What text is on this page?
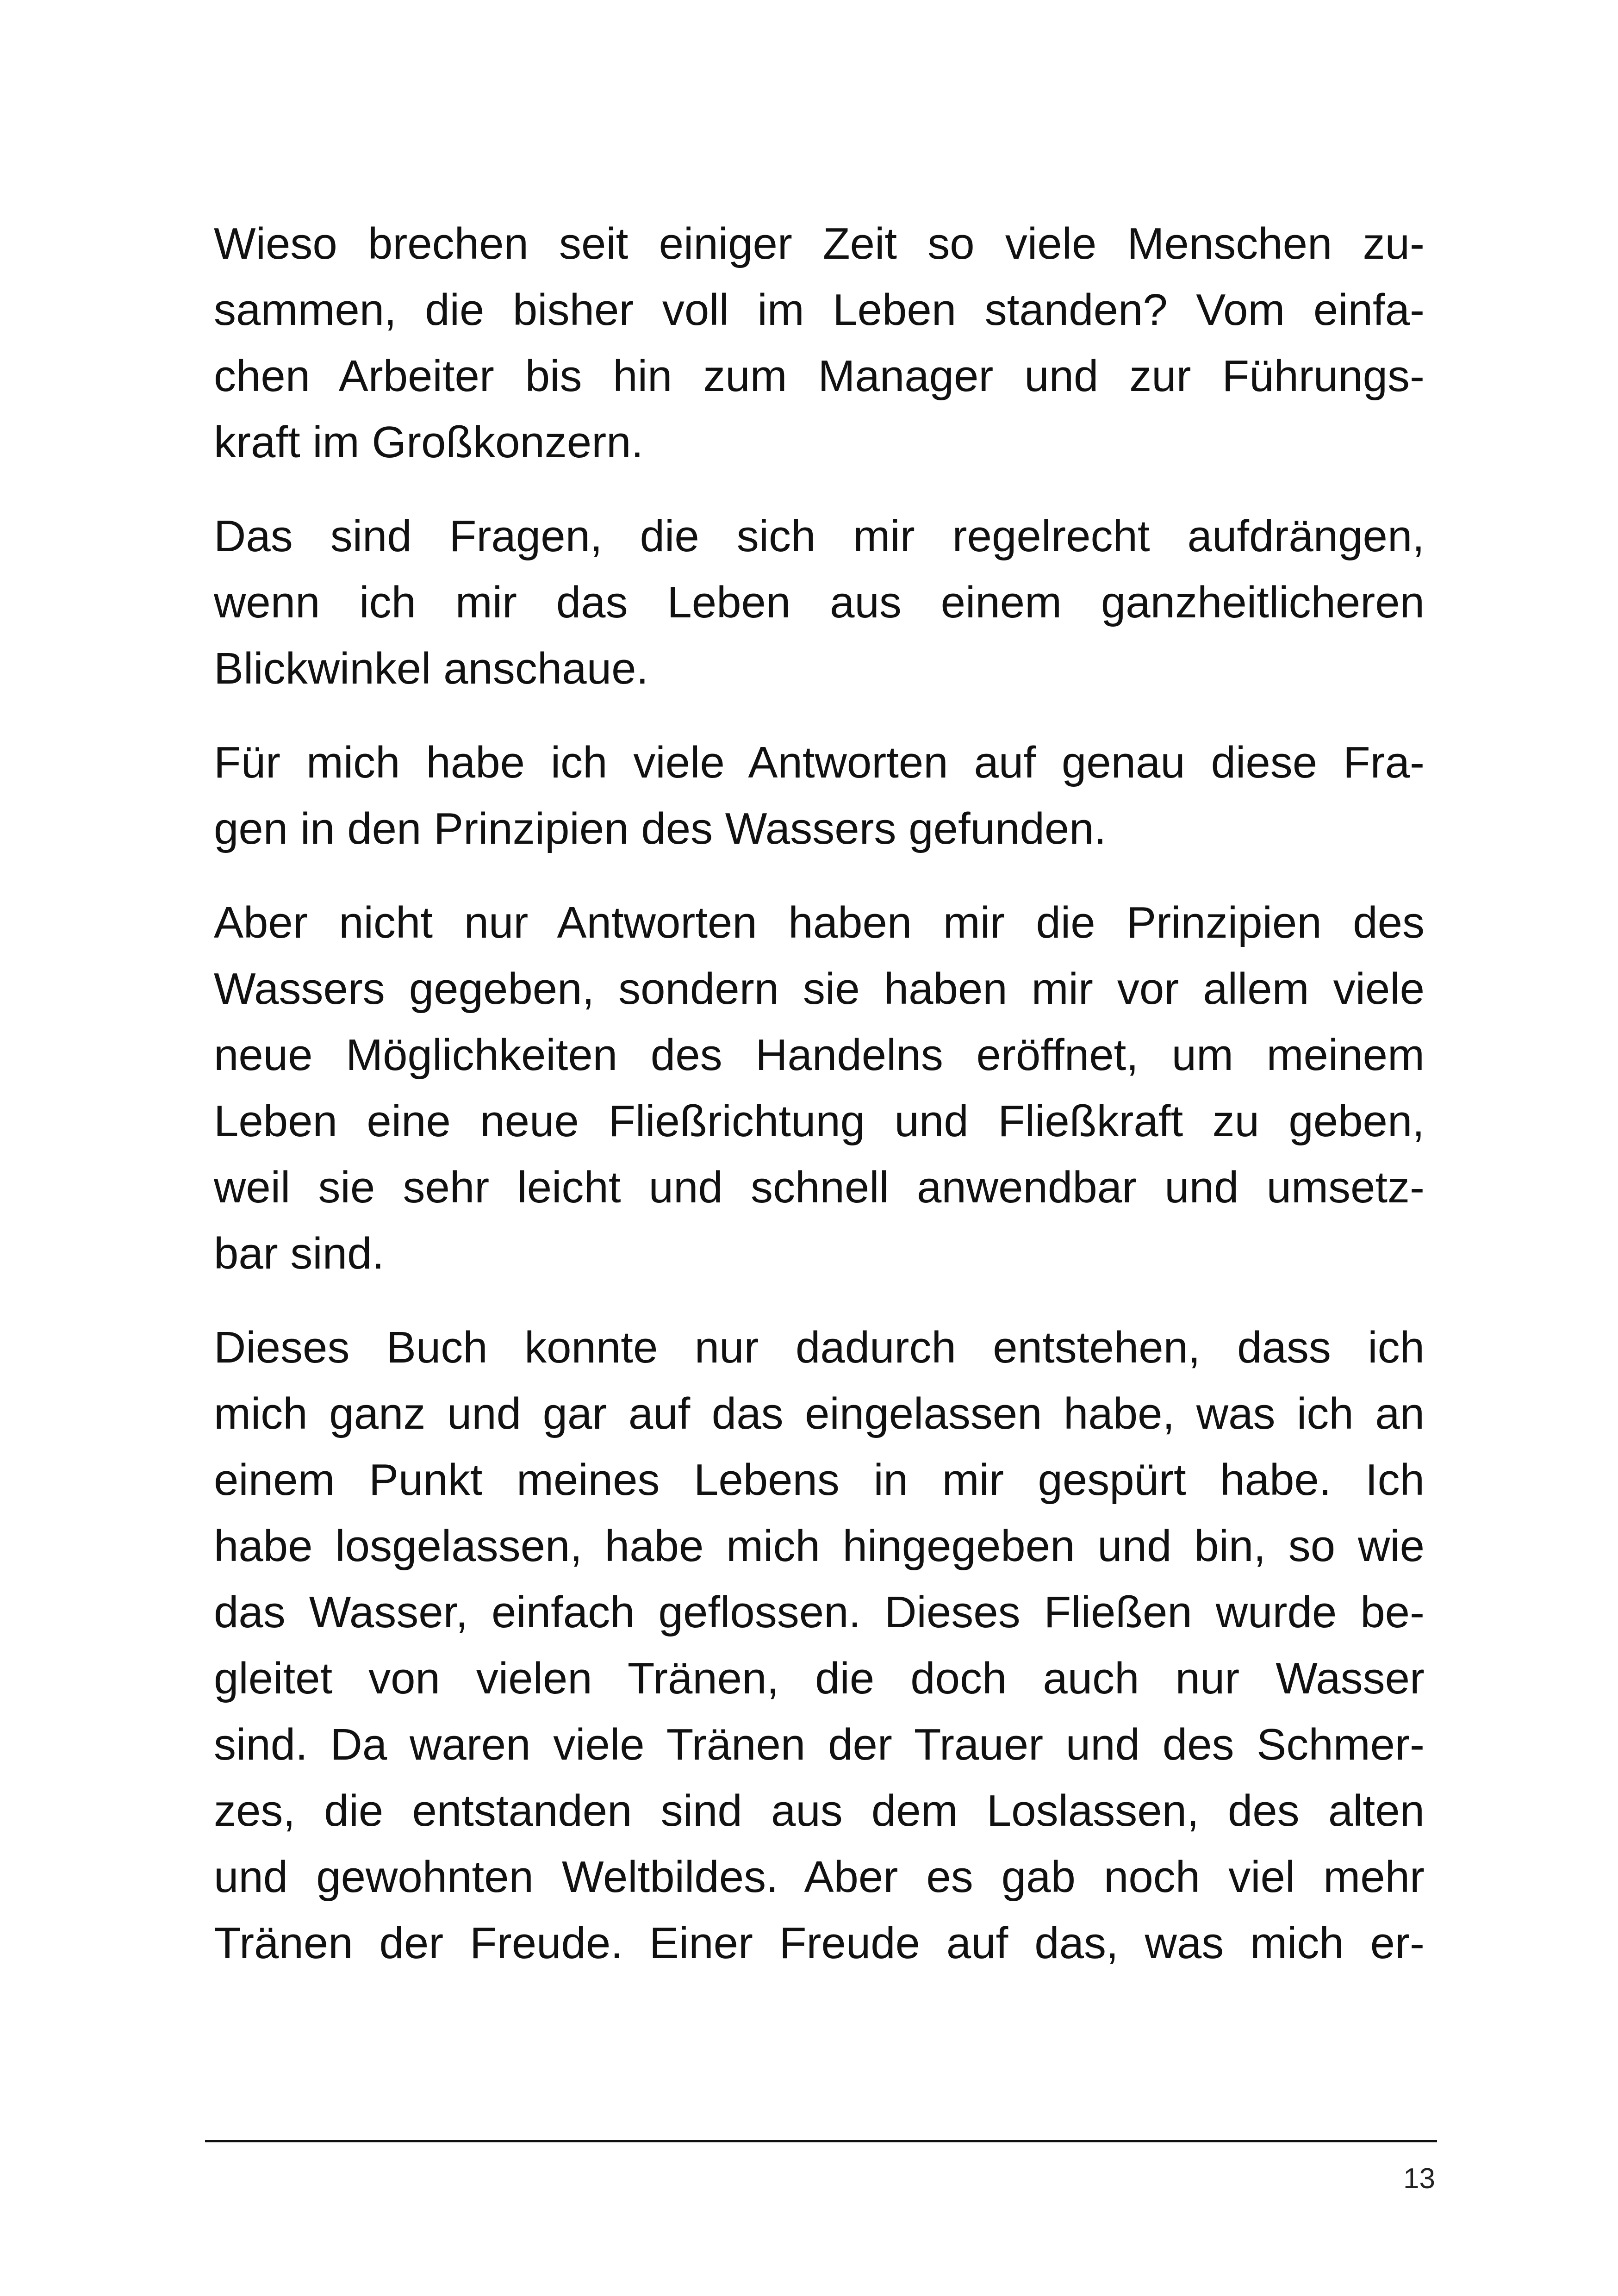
Wieso brechen seit einiger Zeit so viele Menschen zu-
sammen, die bisher voll im Leben standen? Vom einfa-
chen Arbeiter bis hin zum Manager und zur Führungs-
kraft im Großkonzern.

Das sind Fragen, die sich mir regelrecht aufdrängen,
wenn ich mir das Leben aus einem ganzheitlicheren
Blickwinkel anschaue.

Für mich habe ich viele Antworten auf genau diese Fra-
gen in den Prinzipien des Wassers gefunden.

Aber nicht nur Antworten haben mir die Prinzipien des
Wassers gegeben, sondern sie haben mir vor allem viele
neue Möglichkeiten des Handelns eröffnet, um meinem
Leben eine neue Fließrichtung und Fließkraft zu geben,
weil sie sehr leicht und schnell anwendbar und umsetz-
bar sind.

Dieses Buch konnte nur dadurch entstehen, dass ich
mich ganz und gar auf das eingelassen habe, was ich an
einem Punkt meines Lebens in mir gespürt habe. Ich
habe losgelassen, habe mich hingegeben und bin, so wie
das Wasser, einfach geflossen. Dieses Fließen wurde be-
gleitet von vielen Tränen, die doch auch nur Wasser
sind. Da waren viele Tränen der Trauer und des Schmer-
zes, die entstanden sind aus dem Loslassen, des alten
und gewohnten Weltbildes. Aber es gab noch viel mehr
Tränen der Freude. Einer Freude auf das, was mich er-

13
